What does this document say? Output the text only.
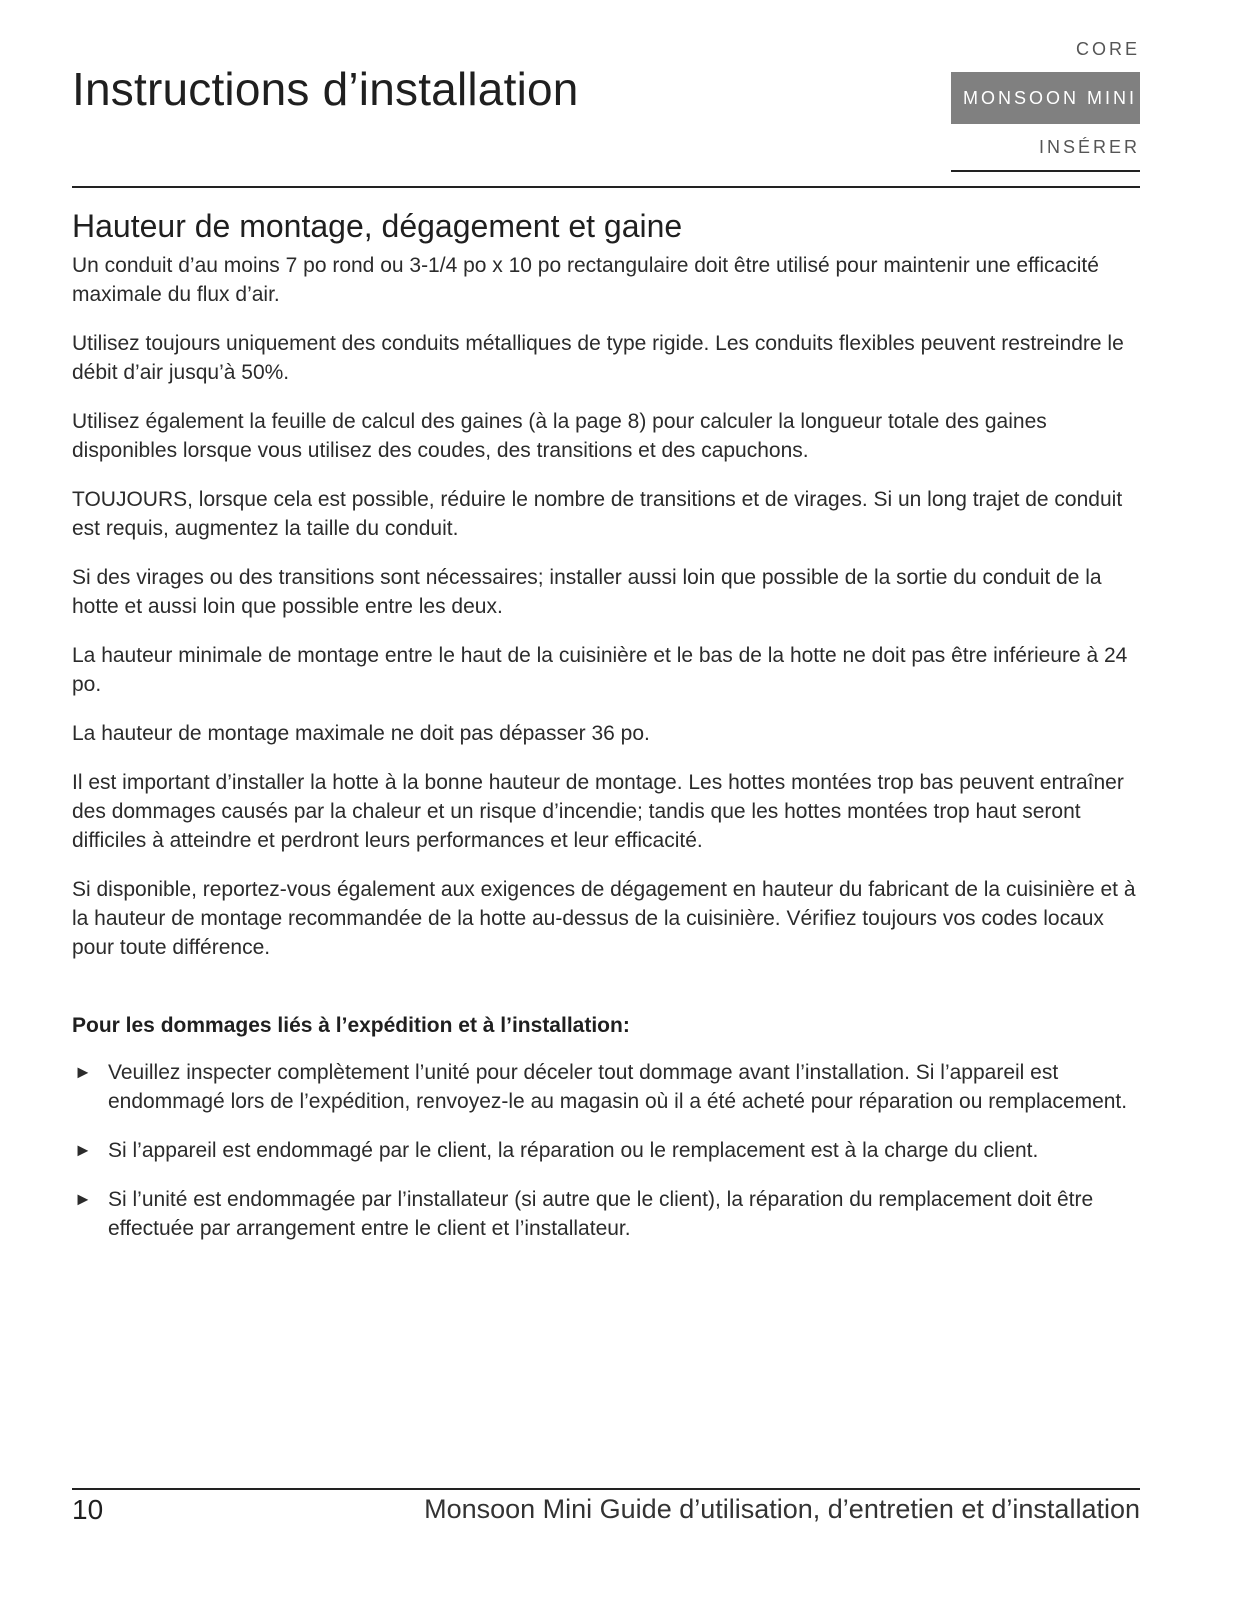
Instructions d’installation
CORE
MONSOON MINI
INSÉRER
Hauteur de montage, dégagement et gaine

Un conduit d’au moins 7 po rond ou 3-1/4 po x 10 po rectangulaire doit être utilisé pour maintenir une efficacité maximale du flux d’air.

Utilisez toujours uniquement des conduits métalliques de type rigide. Les conduits flexibles peuvent restreindre le débit d’air jusqu’à 50%.

Utilisez également la feuille de calcul des gaines (à la page 8) pour calculer la longueur totale des gaines disponibles lorsque vous utilisez des coudes, des transitions et des capuchons.

TOUJOURS, lorsque cela est possible, réduire le nombre de transitions et de virages. Si un long trajet de conduit est requis, augmentez la taille du conduit.

Si des virages ou des transitions sont nécessaires; installer aussi loin que possible de la sortie du conduit de la hotte et aussi loin que possible entre les deux.

La hauteur minimale de montage entre le haut de la cuisinière et le bas de la hotte ne doit pas être inférieure à 24 po.

La hauteur de montage maximale ne doit pas dépasser 36 po.

Il est important d’installer la hotte à la bonne hauteur de montage. Les hottes montées trop bas peuvent entraîner des dommages causés par la chaleur et un risque d’incendie; tandis que les hottes montées trop haut seront difficiles à atteindre et perdront leurs performances et leur efficacité.

Si disponible, reportez-vous également aux exigences de dégagement en hauteur du fabricant de la cuisinière et à la hauteur de montage recommandée de la hotte au-dessus de la cuisinière. Vérifiez toujours vos codes locaux pour toute différence.

Pour les dommages liés à l’expédition et à l’installation:
► Veuillez inspecter complètement l’unité pour déceler tout dommage avant l’installation. Si l’appareil est endommagé lors de l’expédition, renvoyez-le au magasin où il a été acheté pour réparation ou remplacement.
► Si l’appareil est endommagé par le client, la réparation ou le remplacement est à la charge du client.
► Si l’unité est endommagée par l’installateur (si autre que le client), la réparation du remplacement doit être effectuée par arrangement entre le client et l’installateur.
10	Monsoon Mini Guide d’utilisation, d’entretien et d’installation
